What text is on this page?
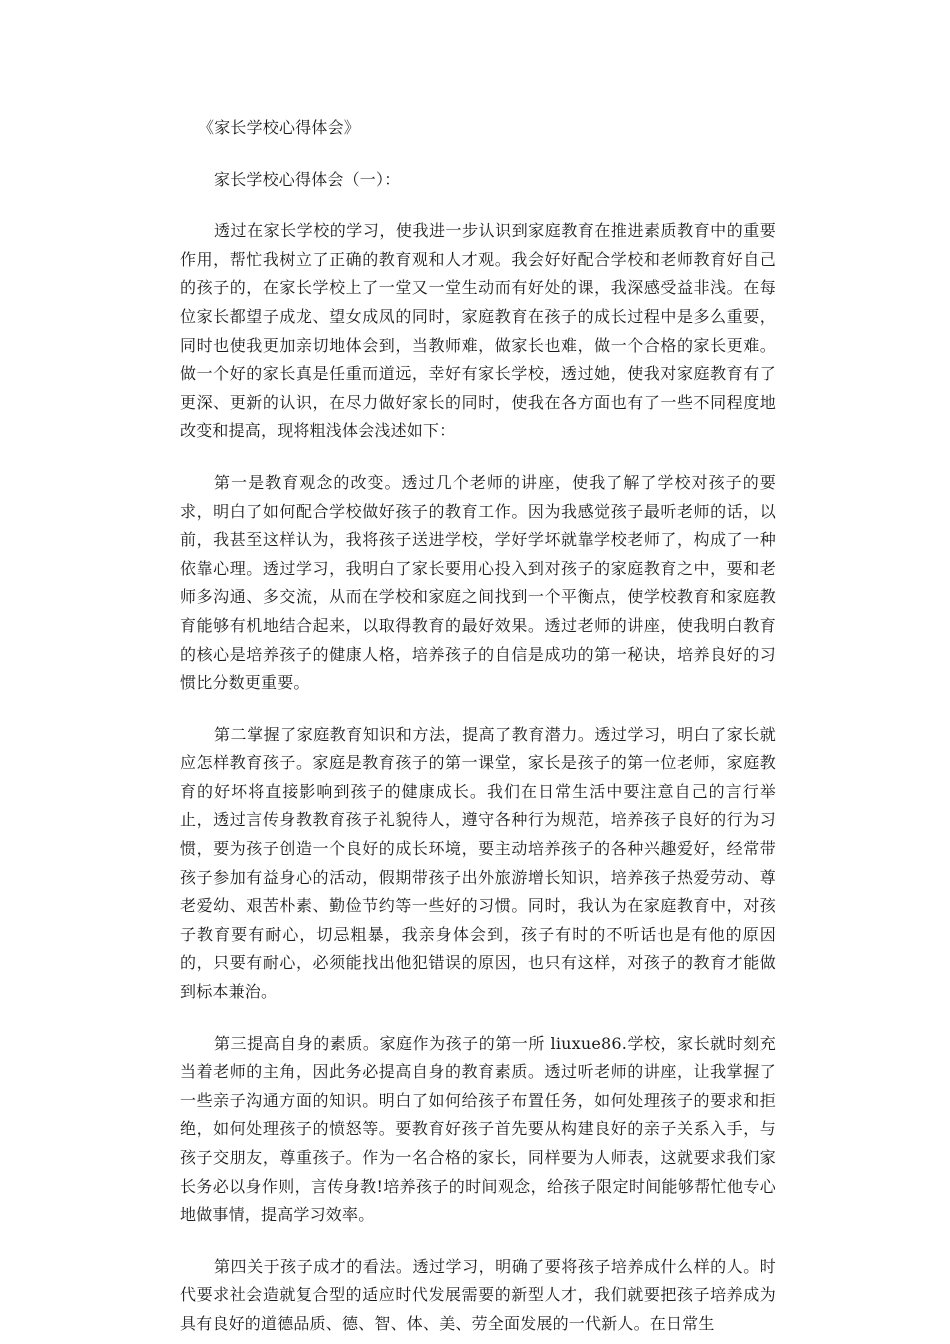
《家长学校心得体会》
家长学校心得体会（一）：

透过在家长学校的学习，使我进一步认识到家庭教育在推进素质教育中的重要作用，帮忙我树立了正确的教育观和人才观。我会好好配合学校和老师教育好自己的孩子的，在家长学校上了一堂又一堂生动而有好处的课，我深感受益非浅。在每位家长都望子成龙、望女成凤的同时，家庭教育在孩子的成长过程中是多么重要，同时也使我更加亲切地体会到，当教师难，做家长也难，做一个合格的家长更难。做一个好的家长真是任重而道远，幸好有家长学校，透过她，使我对家庭教育有了更深、更新的认识，在尽力做好家长的同时，使我在各方面也有了一些不同程度地改变和提高，现将粗浅体会浅述如下：

第一是教育观念的改变。透过几个老师的讲座，使我了解了学校对孩子的要求，明白了如何配合学校做好孩子的教育工作。因为我感觉孩子最听老师的话，以前，我甚至这样认为，我将孩子送进学校，学好学坏就靠学校老师了，构成了一种依靠心理。透过学习，我明白了家长要用心投入到对孩子的家庭教育之中，要和老师多沟通、多交流，从而在学校和家庭之间找到一个平衡点，使学校教育和家庭教育能够有机地结合起来，以取得教育的最好效果。透过老师的讲座，使我明白教育的核心是培养孩子的健康人格，培养孩子的自信是成功的第一秘诀，培养良好的习惯比分数更重要。

第二掌握了家庭教育知识和方法，提高了教育潜力。透过学习，明白了家长就应怎样教育孩子。家庭是教育孩子的第一课堂，家长是孩子的第一位老师，家庭教育的好坏将直接影响到孩子的健康成长。我们在日常生活中要注意自己的言行举止，透过言传身教教育孩子礼貌待人，遵守各种行为规范，培养孩子良好的行为习惯，要为孩子创造一个良好的成长环境，要主动培养孩子的各种兴趣爱好，经常带孩子参加有益身心的活动，假期带孩子出外旅游增长知识，培养孩子热爱劳动、尊老爱幼、艰苦朴素、勤俭节约等一些好的习惯。同时，我认为在家庭教育中，对孩子教育要有耐心，切忌粗暴，我亲身体会到，孩子有时的不听话也是有他的原因的，只要有耐心，必须能找出他犯错误的原因，也只有这样，对孩子的教育才能做到标本兼治。

第三提高自身的素质。家庭作为孩子的第一所 liuxue86.学校，家长就时刻充当着老师的主角，因此务必提高自身的教育素质。透过听老师的讲座，让我掌握了一些亲子沟通方面的知识。明白了如何给孩子布置任务，如何处理孩子的要求和拒绝，如何处理孩子的愤怒等。要教育好孩子首先要从构建良好的亲子关系入手，与孩子交朋友，尊重孩子。作为一名合格的家长，同样要为人师表，这就要求我们家长务必以身作则，言传身教!培养孩子的时间观念，给孩子限定时间能够帮忙他专心地做事情，提高学习效率。

第四关于孩子成才的看法。透过学习，明确了要将孩子培养成什么样的人。时代要求社会造就复合型的适应时代发展需要的新型人才，我们就要把孩子培养成为具有良好的道德品质、德、智、体、美、劳全面发展的一代新人。在日常生
